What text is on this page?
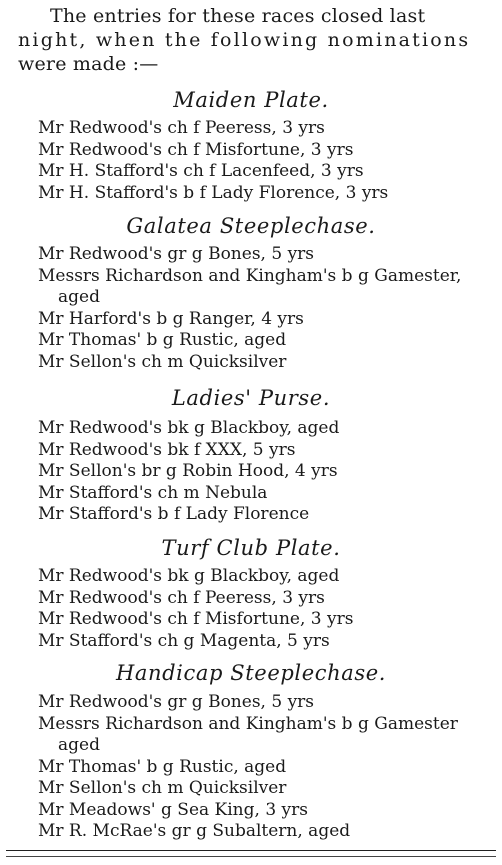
The entries for these races closed last
night, when the following nominations
were made :—
Maiden Plate.
Mr Redwood's ch f Peeress, 3 yrs
Mr Redwood's ch f Misfortune, 3 yrs
Mr H. Stafford's ch f Lacenfeed, 3 yrs
Mr H. Stafford's b f Lady Florence, 3 yrs
Galatea Steeplechase.
Mr Redwood's gr g Bones, 5 yrs
Messrs Richardson and Kingham's b g Gamester, aged
Mr Harford's b g Ranger, 4 yrs
Mr Thomas' b g Rustic, aged
Mr Sellon's ch m Quicksilver
Ladies' Purse.
Mr Redwood's bk g Blackboy, aged
Mr Redwood's bk f XXX, 5 yrs
Mr Sellon's br g Robin Hood, 4 yrs
Mr Stafford's ch m Nebula
Mr Stafford's b f Lady Florence
Turf Club Plate.
Mr Redwood's bk g Blackboy, aged
Mr Redwood's ch f Peeress, 3 yrs
Mr Redwood's ch f Misfortune, 3 yrs
Mr Stafford's ch g Magenta, 5 yrs
Handicap Steeplechase.
Mr Redwood's gr g Bones, 5 yrs
Messrs Richardson and Kingham's b g Gamester aged
Mr Thomas' b g Rustic, aged
Mr Sellon's ch m Quicksilver
Mr Meadows' g Sea King, 3 yrs
Mr R. McRae's gr g Subaltern, aged
